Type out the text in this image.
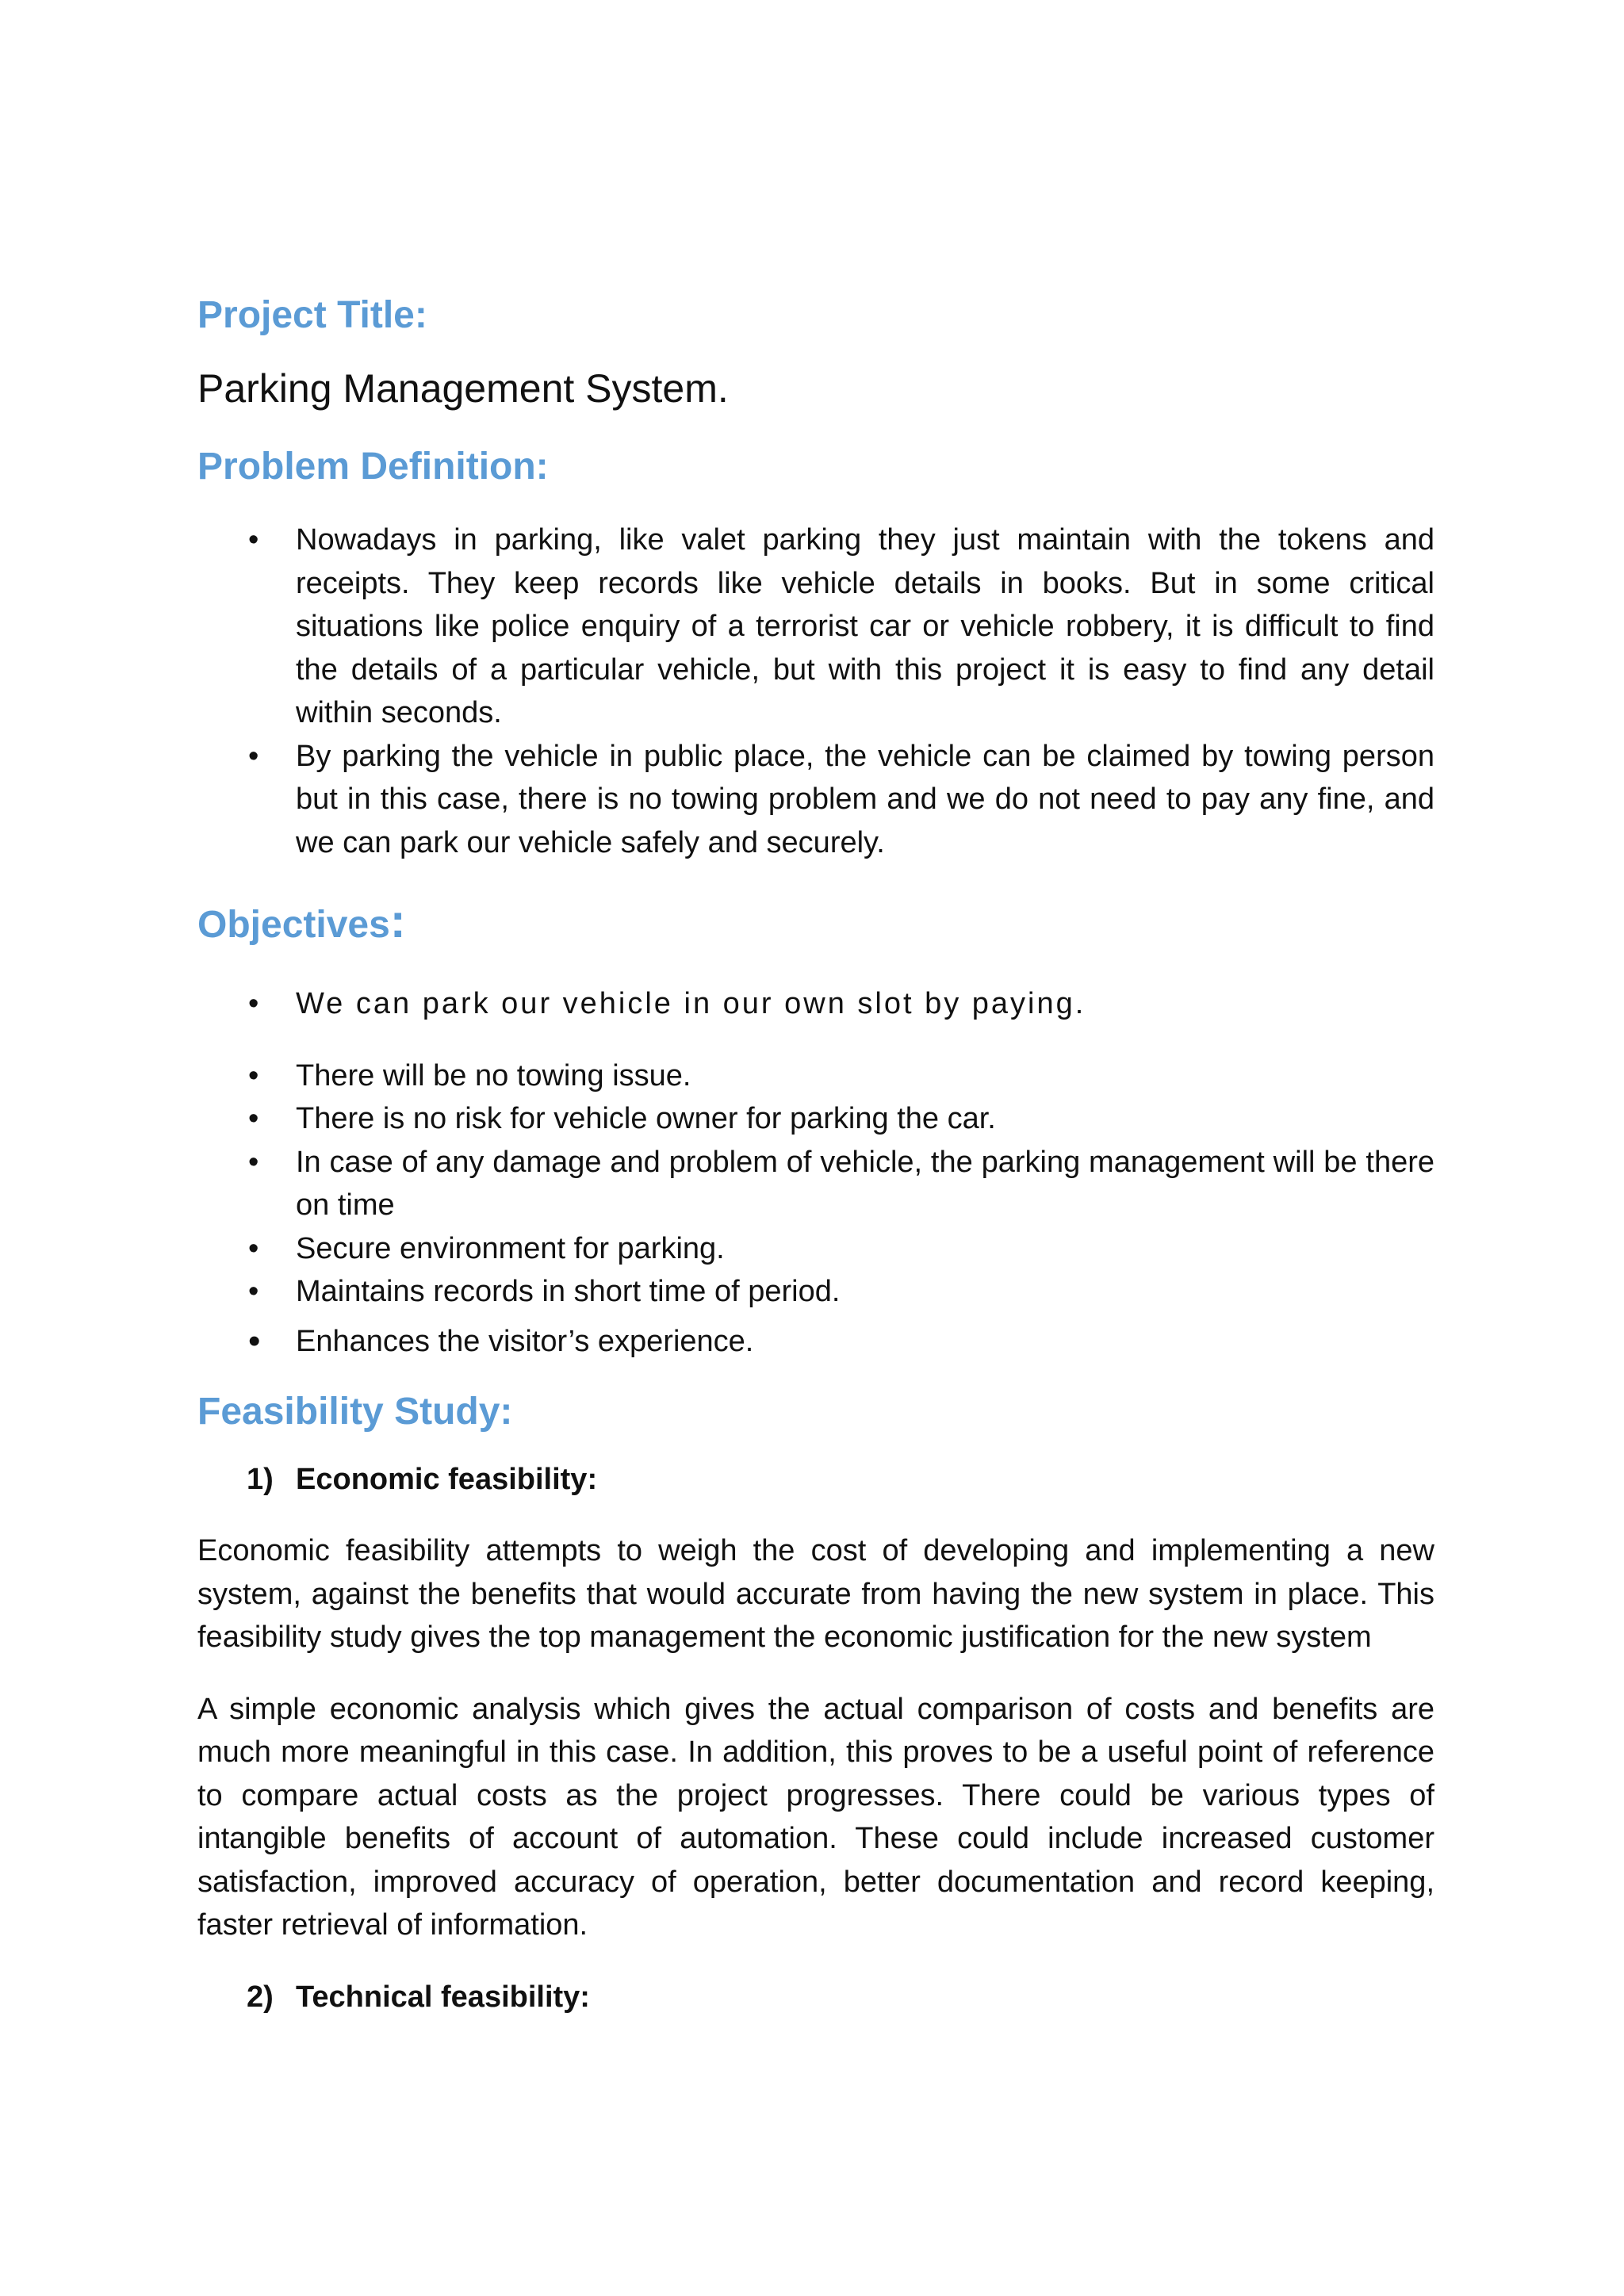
Project Title:

Parking Management System.

Problem Definition:
•	Nowadays in parking, like valet parking they just maintain with the tokens and receipts. They keep records like vehicle details in books. But in some critical situations like police enquiry of a terrorist car or vehicle robbery, it is difficult to find the details of a particular vehicle, but with this project it is easy to find any detail within seconds.
•	By parking the vehicle in public place, the vehicle can be claimed by towing person but in this case, there is no towing problem and we do not need to pay any fine, and we can park our vehicle safely and securely.
Objectives:
•	We can park our vehicle in our own slot by paying.
•	There will be no towing issue.
•	There is no risk for vehicle owner for parking the car.
•	In case of any damage and problem of vehicle, the parking management will be there on time
•	Secure environment for parking.
•	Maintains records in short time of period.
•	Enhances the visitor’s experience.
Feasibility Study:
1) Economic feasibility:

Economic feasibility attempts to weigh the cost of developing and implementing a new system, against the benefits that would accurate from having the new system in place. This feasibility study gives the top management the economic justification for the new system

A simple economic analysis which gives the actual comparison of costs and benefits are much more meaningful in this case. In addition, this proves to be a useful point of reference to compare actual costs as the project progresses. There could be various types of intangible benefits of account of automation. These could include increased customer satisfaction, improved accuracy of operation, better documentation and record keeping, faster retrieval of information.

2) Technical feasibility:
